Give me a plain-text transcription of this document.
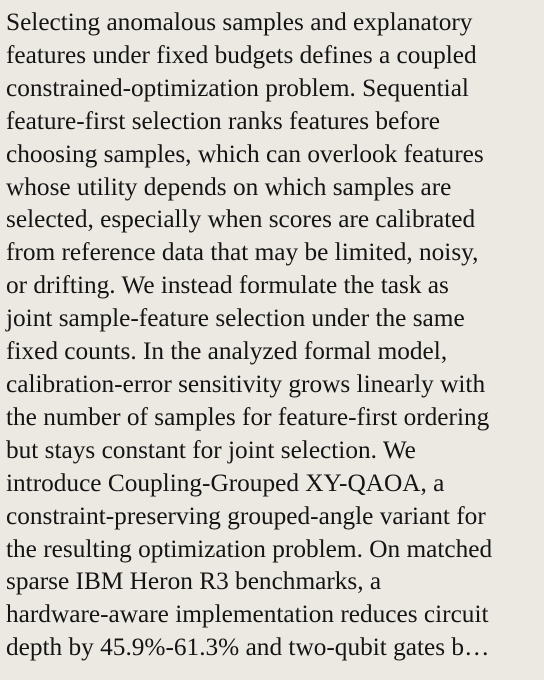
Selecting anomalous samples and explanatory
features under fixed budgets defines a coupled
constrained-optimization problem. Sequential
feature-first selection ranks features before
choosing samples, which can overlook features
whose utility depends on which samples are
selected, especially when scores are calibrated
from reference data that may be limited, noisy,
or drifting. We instead formulate the task as
joint sample-feature selection under the same
fixed counts. In the analyzed formal model,
calibration-error sensitivity grows linearly with
the number of samples for feature-first ordering
but stays constant for joint selection. We
introduce Coupling-Grouped XY-QAOA, a
constraint-preserving grouped-angle variant for
the resulting optimization problem. On matched
sparse IBM Heron R3 benchmarks, a
hardware-aware implementation reduces circuit
depth by 45.9%-61.3% and two-qubit gates b…
